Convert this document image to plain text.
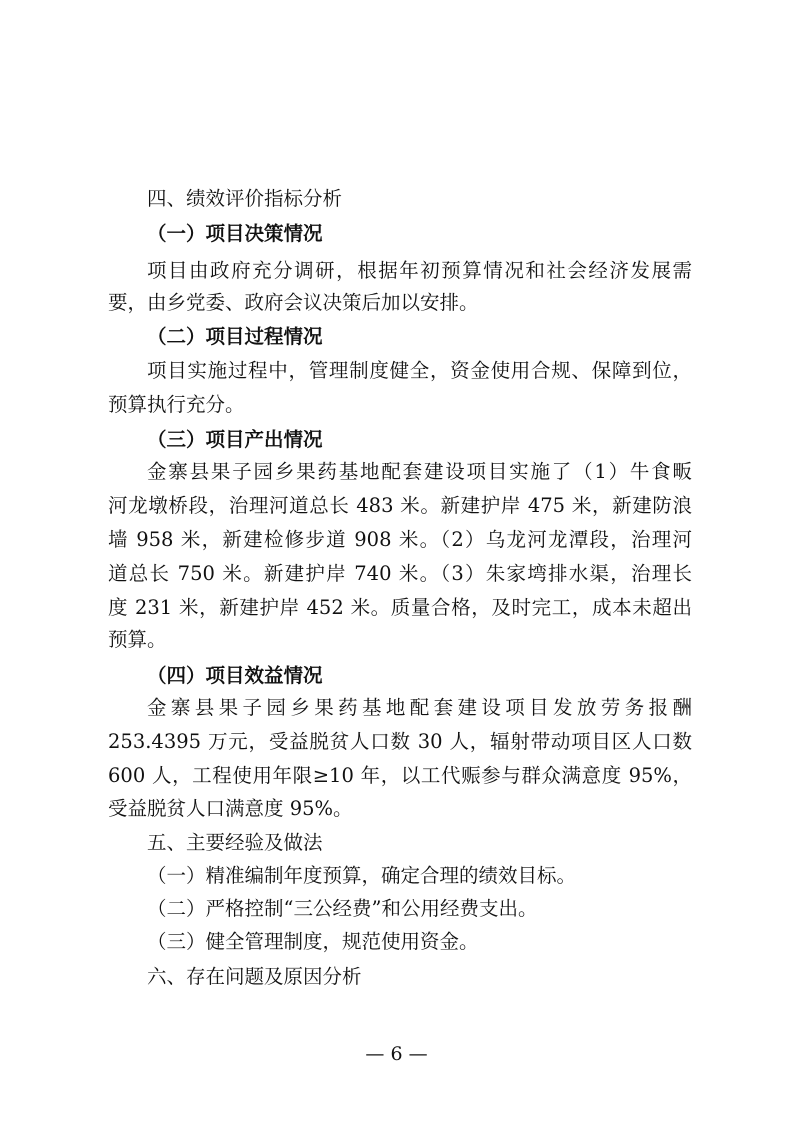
四、绩效评价指标分析
（一）项目决策情况
项目由政府充分调研，根据年初预算情况和社会经济发展需
要，由乡党委、政府会议决策后加以安排。
（二）项目过程情况
项目实施过程中，管理制度健全，资金使用合规、保障到位，
预算执行充分。
（三）项目产出情况
金寨县果子园乡果药基地配套建设项目实施了（1）牛食畈
河龙墩桥段，治理河道总长 483 米。新建护岸 475 米，新建防浪
墙 958 米，新建检修步道 908 米。（2）乌龙河龙潭段，治理河
道总长 750 米。新建护岸 740 米。（3）朱家塆排水渠，治理长
度 231 米，新建护岸 452 米。质量合格，及时完工，成本未超出
预算。
（四）项目效益情况
金寨县果子园乡果药基地配套建设项目发放劳务报酬
253.4395 万元，受益脱贫人口数 30 人，辐射带动项目区人口数
600 人，工程使用年限≥10 年，以工代赈参与群众满意度 95%，
受益脱贫人口满意度 95%。
五、主要经验及做法
（一）精准编制年度预算，确定合理的绩效目标。
（二）严格控制“三公经费”和公用经费支出。
（三）健全管理制度，规范使用资金。
六、存在问题及原因分析
— 6 —
